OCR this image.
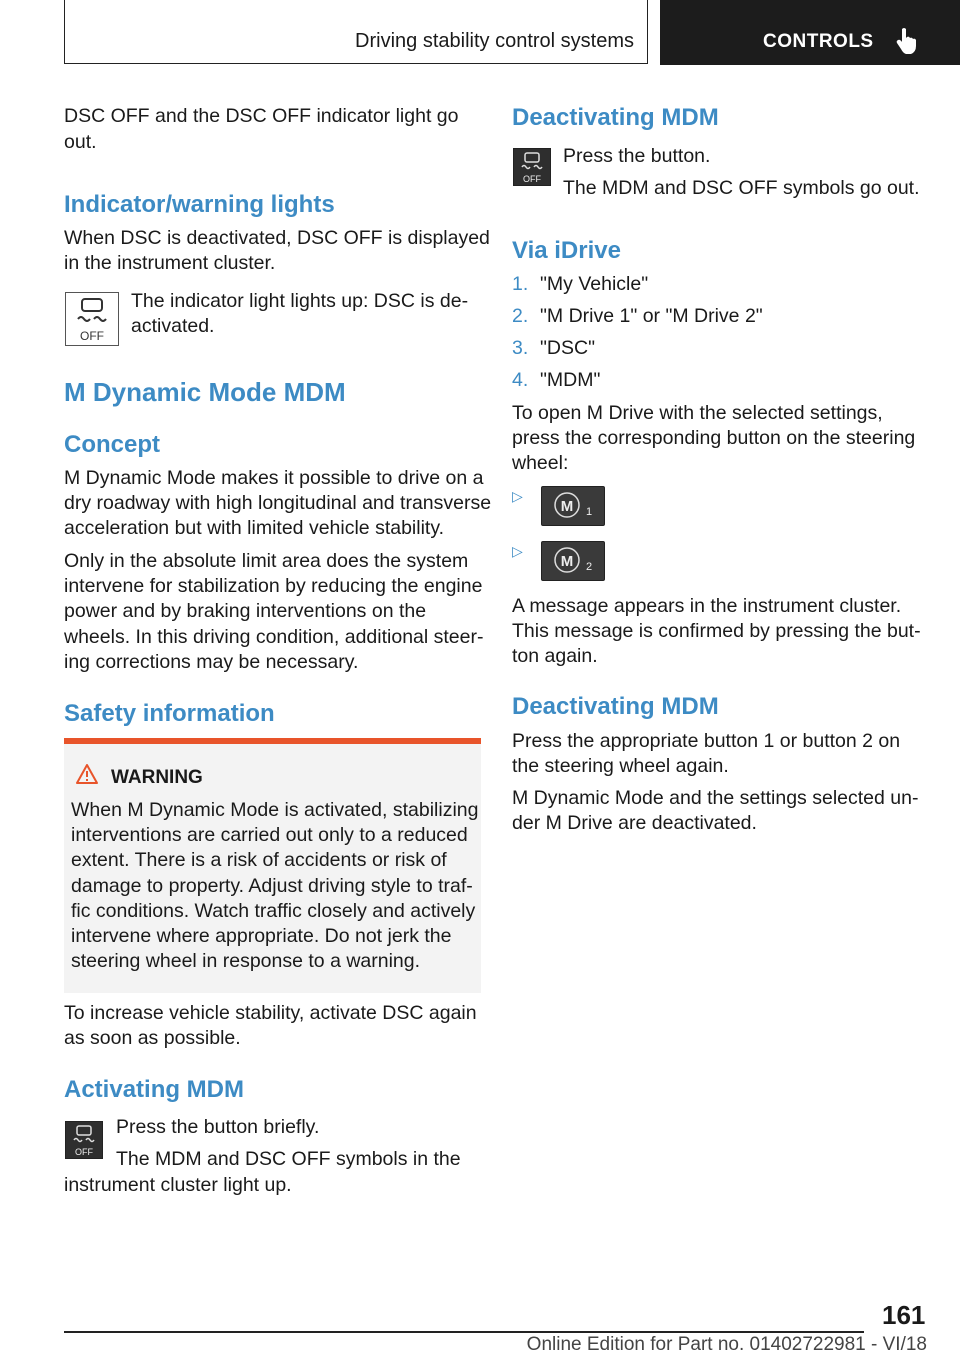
Driving stability control systems	CONTROLS

DSC OFF and the DSC OFF indicator light go

out.

Indicator/warning lights

When DSC is deactivated, DSC OFF is displayed

in the instrument cluster.

OFF

The indicator light lights up: DSC is de-

activated.

M Dynamic Mode MDM
Concept

M Dynamic Mode makes it possible to drive on a

dry roadway with high longitudinal and transverse

acceleration but with limited vehicle stability.

Only in the absolute limit area does the system

intervene for stabilization by reducing the engine

power and by braking interventions on the

wheels. In this driving condition, additional steer-

ing corrections may be necessary.

Safety information
WARNING

When M Dynamic Mode is activated, stabilizing

interventions are carried out only to a reduced

extent. There is a risk of accidents or risk of

damage to property. Adjust driving style to traf-

fic conditions. Watch traffic closely and actively

intervene where appropriate. Do not jerk the

steering wheel in response to a warning.

To increase vehicle stability, activate DSC again

as soon as possible.

Activating MDM
OFF

Press the button briefly.

The MDM and DSC OFF symbols in the

instrument cluster light up.

Deactivating MDM
OFF

Press the button.

The MDM and DSC OFF symbols go out.

Via iDrive
1. "My Vehicle"
2. "M Drive 1" or "M Drive 2"
3. "DSC"
4. "MDM"

To open M Drive with the selected settings,

press the corresponding button on the steering

wheel:

▷
M 1
▷
M 2

A message appears in the instrument cluster.

This message is confirmed by pressing the but-

ton again.

Deactivating MDM

Press the appropriate button 1 or button 2 on

the steering wheel again.

M Dynamic Mode and the settings selected un-

der M Drive are deactivated.

161
Online Edition for Part no. 01402722981 - VI/18
